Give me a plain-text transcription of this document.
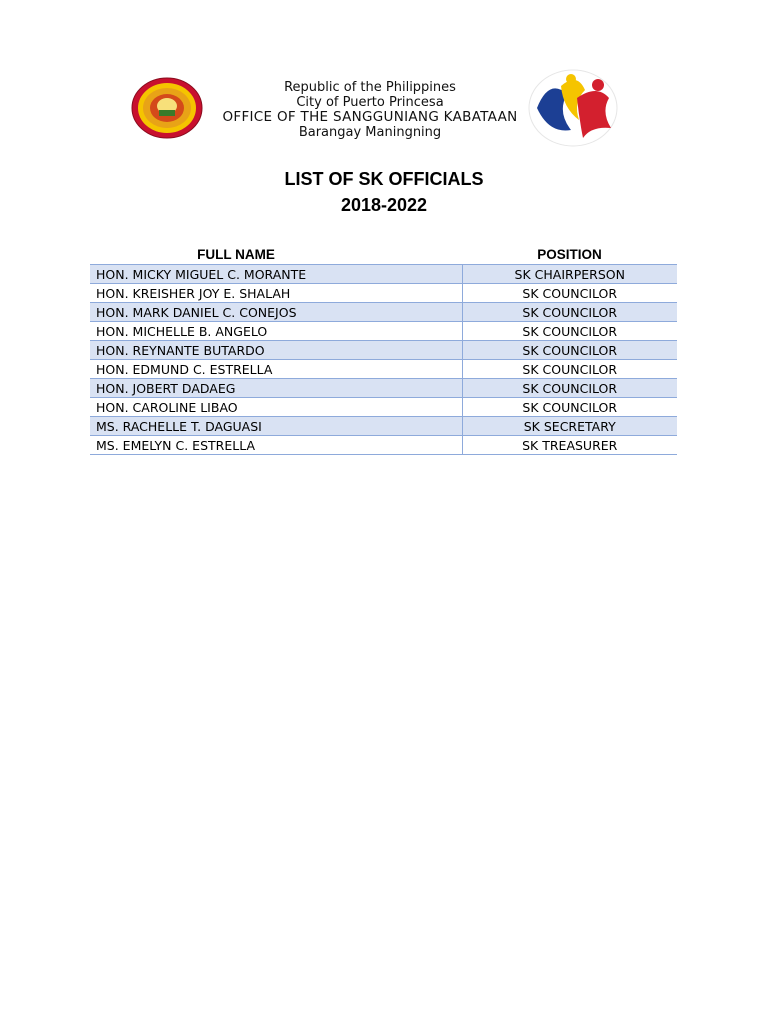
Republic of the Philippines
City of Puerto Princesa
OFFICE OF THE SANGGUNIANG KABATAAN
Barangay Maningning
LIST OF SK OFFICIALS
2018-2022
FULL NAME	POSITION
HON. MICKY MIGUEL C. MORANTE	SK CHAIRPERSON
HON. KREISHER JOY E. SHALAH	SK COUNCILOR
HON. MARK DANIEL C. CONEJOS	SK COUNCILOR
HON. MICHELLE B. ANGELO	SK COUNCILOR
HON. REYNANTE BUTARDO	SK COUNCILOR
HON. EDMUND C. ESTRELLA	SK COUNCILOR
HON. JOBERT DADAEG	SK COUNCILOR
HON. CAROLINE LIBAO	SK COUNCILOR
MS. RACHELLE T. DAGUASI	SK SECRETARY
MS. EMELYN C. ESTRELLA	SK TREASURER
